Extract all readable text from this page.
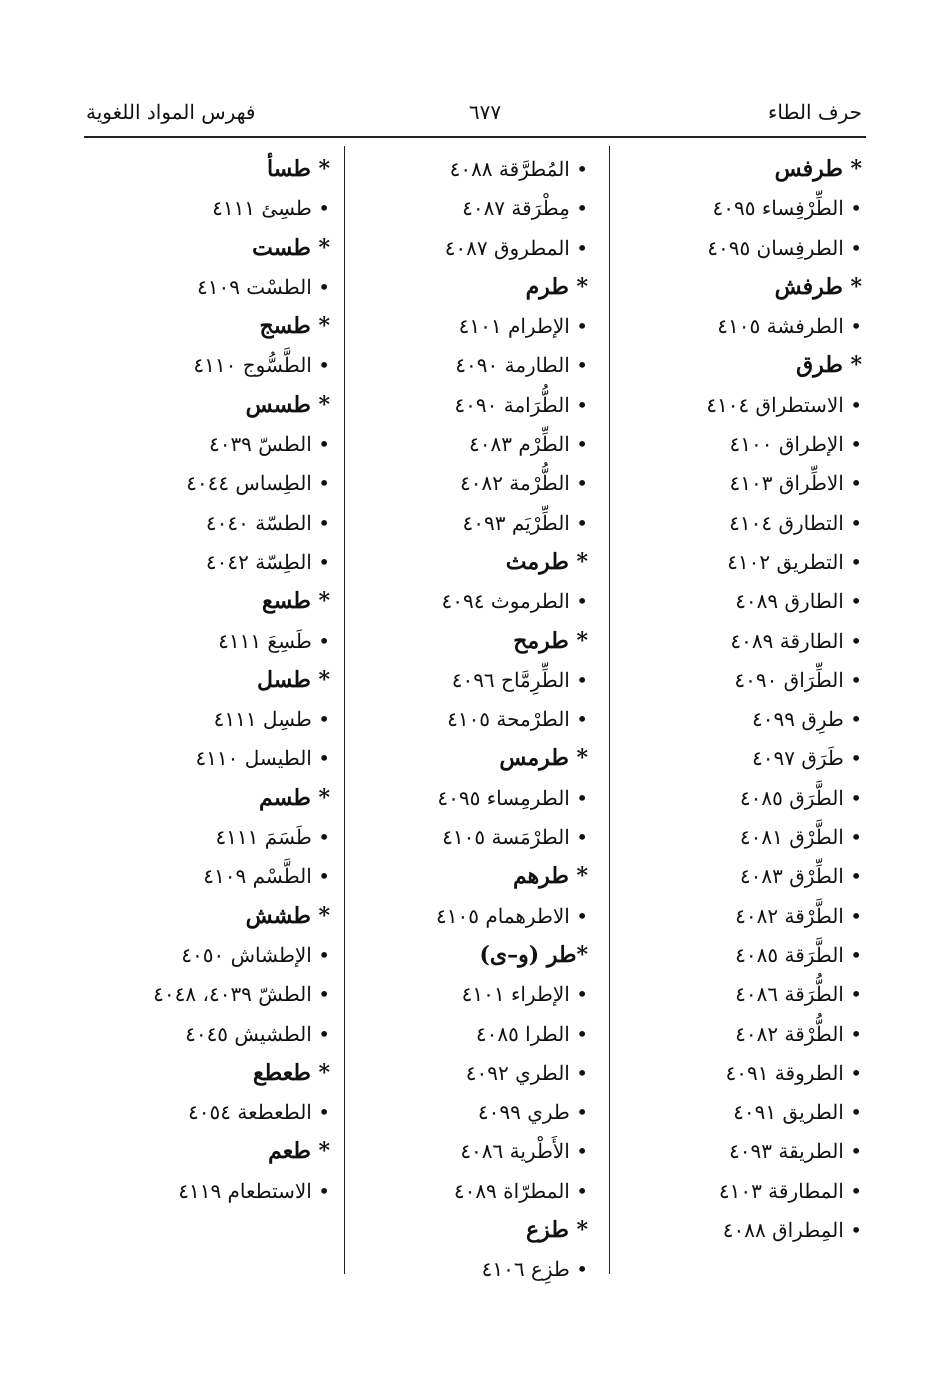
حرف الطاء
٦٧٧
فهرس المواد اللغوية
* طرفس
• الطِّرْفِساء ٤٠٩٥
• الطرفِسان ٤٠٩٥
* طرفش
• الطرفشة ٤١٠٥
* طرق
• الاستطراق ٤١٠٤
• الإطراق ٤١٠٠
• الاطِّراق ٤١٠٣
• التطارق ٤١٠٤
• التطريق ٤١٠٢
• الطارق ٤٠٨٩
• الطارقة ٤٠٨٩
• الطِّرَاق ٤٠٩٠
• طرِق ٤٠٩٩
• طَرَق ٤٠٩٧
• الطَّرَق ٤٠٨٥
• الطَّرْق ٤٠٨١
• الطِّرْق ٤٠٨٣
• الطَّرْقة ٤٠٨٢
• الطَّرَقة ٤٠٨٥
• الطُّرَقة ٤٠٨٦
• الطُّرْقة ٤٠٨٢
• الطروقة ٤٠٩١
• الطريق ٤٠٩١
• الطريقة ٤٠٩٣
• المطارقة ٤١٠٣
• المِطراق ٤٠٨٨
• المُطرَّقة ٤٠٨٨
• مِطْرَقة ٤٠٨٧
• المطروق ٤٠٨٧
* طرم
• الإطرام ٤١٠١
• الطارمة ٤٠٩٠
• الطُّرَامة ٤٠٩٠
• الطِّرْم ٤٠٨٣
• الطُّرْمة ٤٠٨٢
• الطِّرْيَم ٤٠٩٣
* طرمث
• الطرموث ٤٠٩٤
* طرمح
• الطِّرِمَّاح ٤٠٩٦
• الطرْمحة ٤١٠٥
* طرمس
• الطرمِساء ٤٠٩٥
• الطرْمَسة ٤١٠٥
* طرهم
• الاطرهمام ٤١٠٥
*طر (و–ى)
• الإطراء ٤١٠١
• الطرا ٤٠٨٥
• الطري ٤٠٩٢
• طري ٤٠٩٩
• الأَطْرية ٤٠٨٦
• المطرّاة ٤٠٨٩
* طزع
• طزِع ٤١٠٦
* طسأ
• طسِئ ٤١١١
* طست
• الطسْت ٤١٠٩
* طسج
• الطَّسُّوج ٤١١٠
* طسس
• الطسّ ٤٠٣٩
• الطِساس ٤٠٤٤
• الطسّة ٤٠٤٠
• الطِسّة ٤٠٤٢
* طسع
• طَسِعَ ٤١١١
* طسل
• طسِل ٤١١١
• الطيسل ٤١١٠
* طسم
• طَسَمَ ٤١١١
• الطَّسْم ٤١٠٩
* طشش
• الإطشاش ٤٠٥٠
• الطشّ ٤٠٣٩، ٤٠٤٨
• الطشيش ٤٠٤٥
* طعطع
• الطعطعة ٤٠٥٤
* طعم
• الاستطعام ٤١١٩
